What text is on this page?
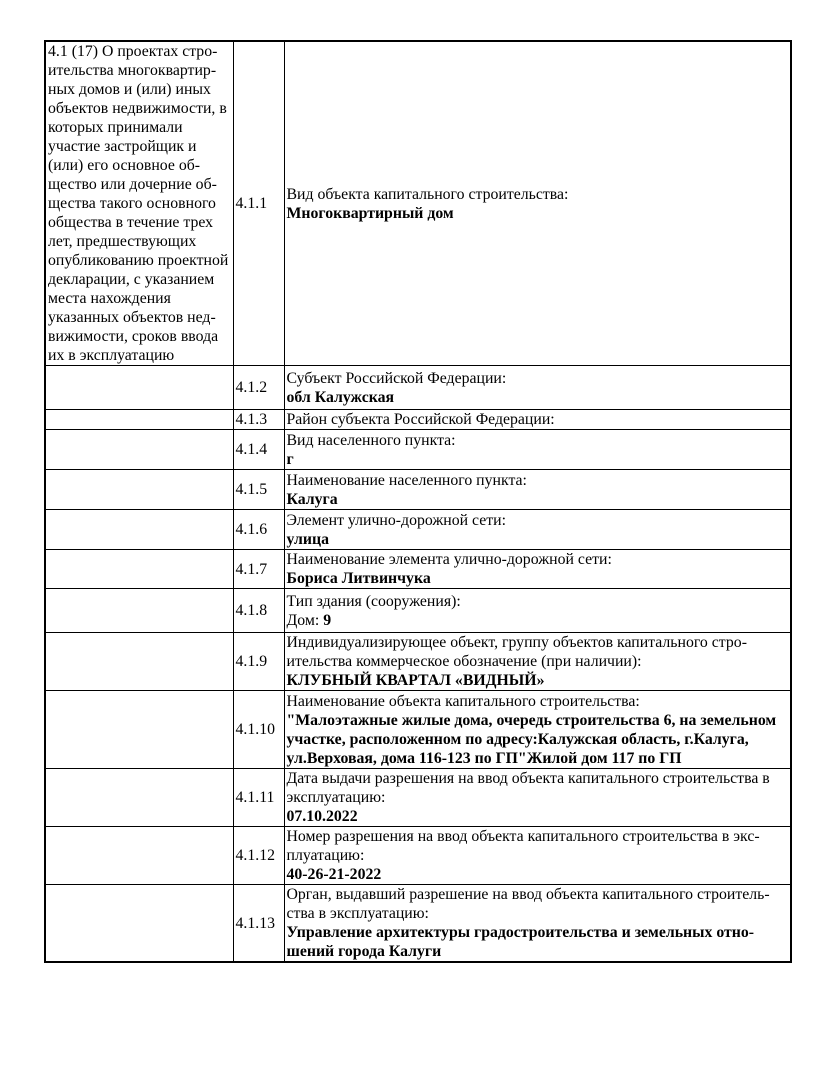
4.1 (17) О проектах строительства многоквартирных домов и (или) иных объектов недвижимости, в которых принимали участие застройщик и (или) его основное общество или дочерние общества такого основного общества в течение трех лет, предшествующих опубликованию проектной декларации, с указанием места нахождения указанных объектов недвижимости, сроков ввода их в эксплуатацию	4.1.1	Вид объекта капитального строительства:
Многоквартирный дом

	4.1.2	Субъект Российской Федерации:
обл Калужская

	4.1.3	Район субъекта Российской Федерации:

	4.1.4	Вид населенного пункта:
г

	4.1.5	Наименование населенного пункта:
Калуга

	4.1.6	Элемент улично-дорожной сети:
улица

	4.1.7	Наименование элемента улично-дорожной сети:
Бориса Литвинчука

	4.1.8	Тип здания (сооружения):
Дом: 9

	4.1.9	Индивидуализирующее объект, группу объектов капитального строительства коммерческое обозначение (при наличии):
КЛУБНЫЙ КВАРТАЛ «ВИДНЫЙ»

	4.1.10	Наименование объекта капитального строительства:
"Малоэтажные жилые дома, очередь строительства 6, на земельном участке, расположенном по адресу:Калужская область, г.Калуга, ул.Верховая, дома 116-123 по ГП"Жилой дом 117 по ГП

	4.1.11	Дата выдачи разрешения на ввод объекта капитального строительства в эксплуатацию:
07.10.2022

	4.1.12	Номер разрешения на ввод объекта капитального строительства в эксплуатацию:
40-26-21-2022

	4.1.13	Орган, выдавший разрешение на ввод объекта капитального строительства в эксплуатацию:
Управление архитектуры градостроительства и земельных отношений города Калуги
